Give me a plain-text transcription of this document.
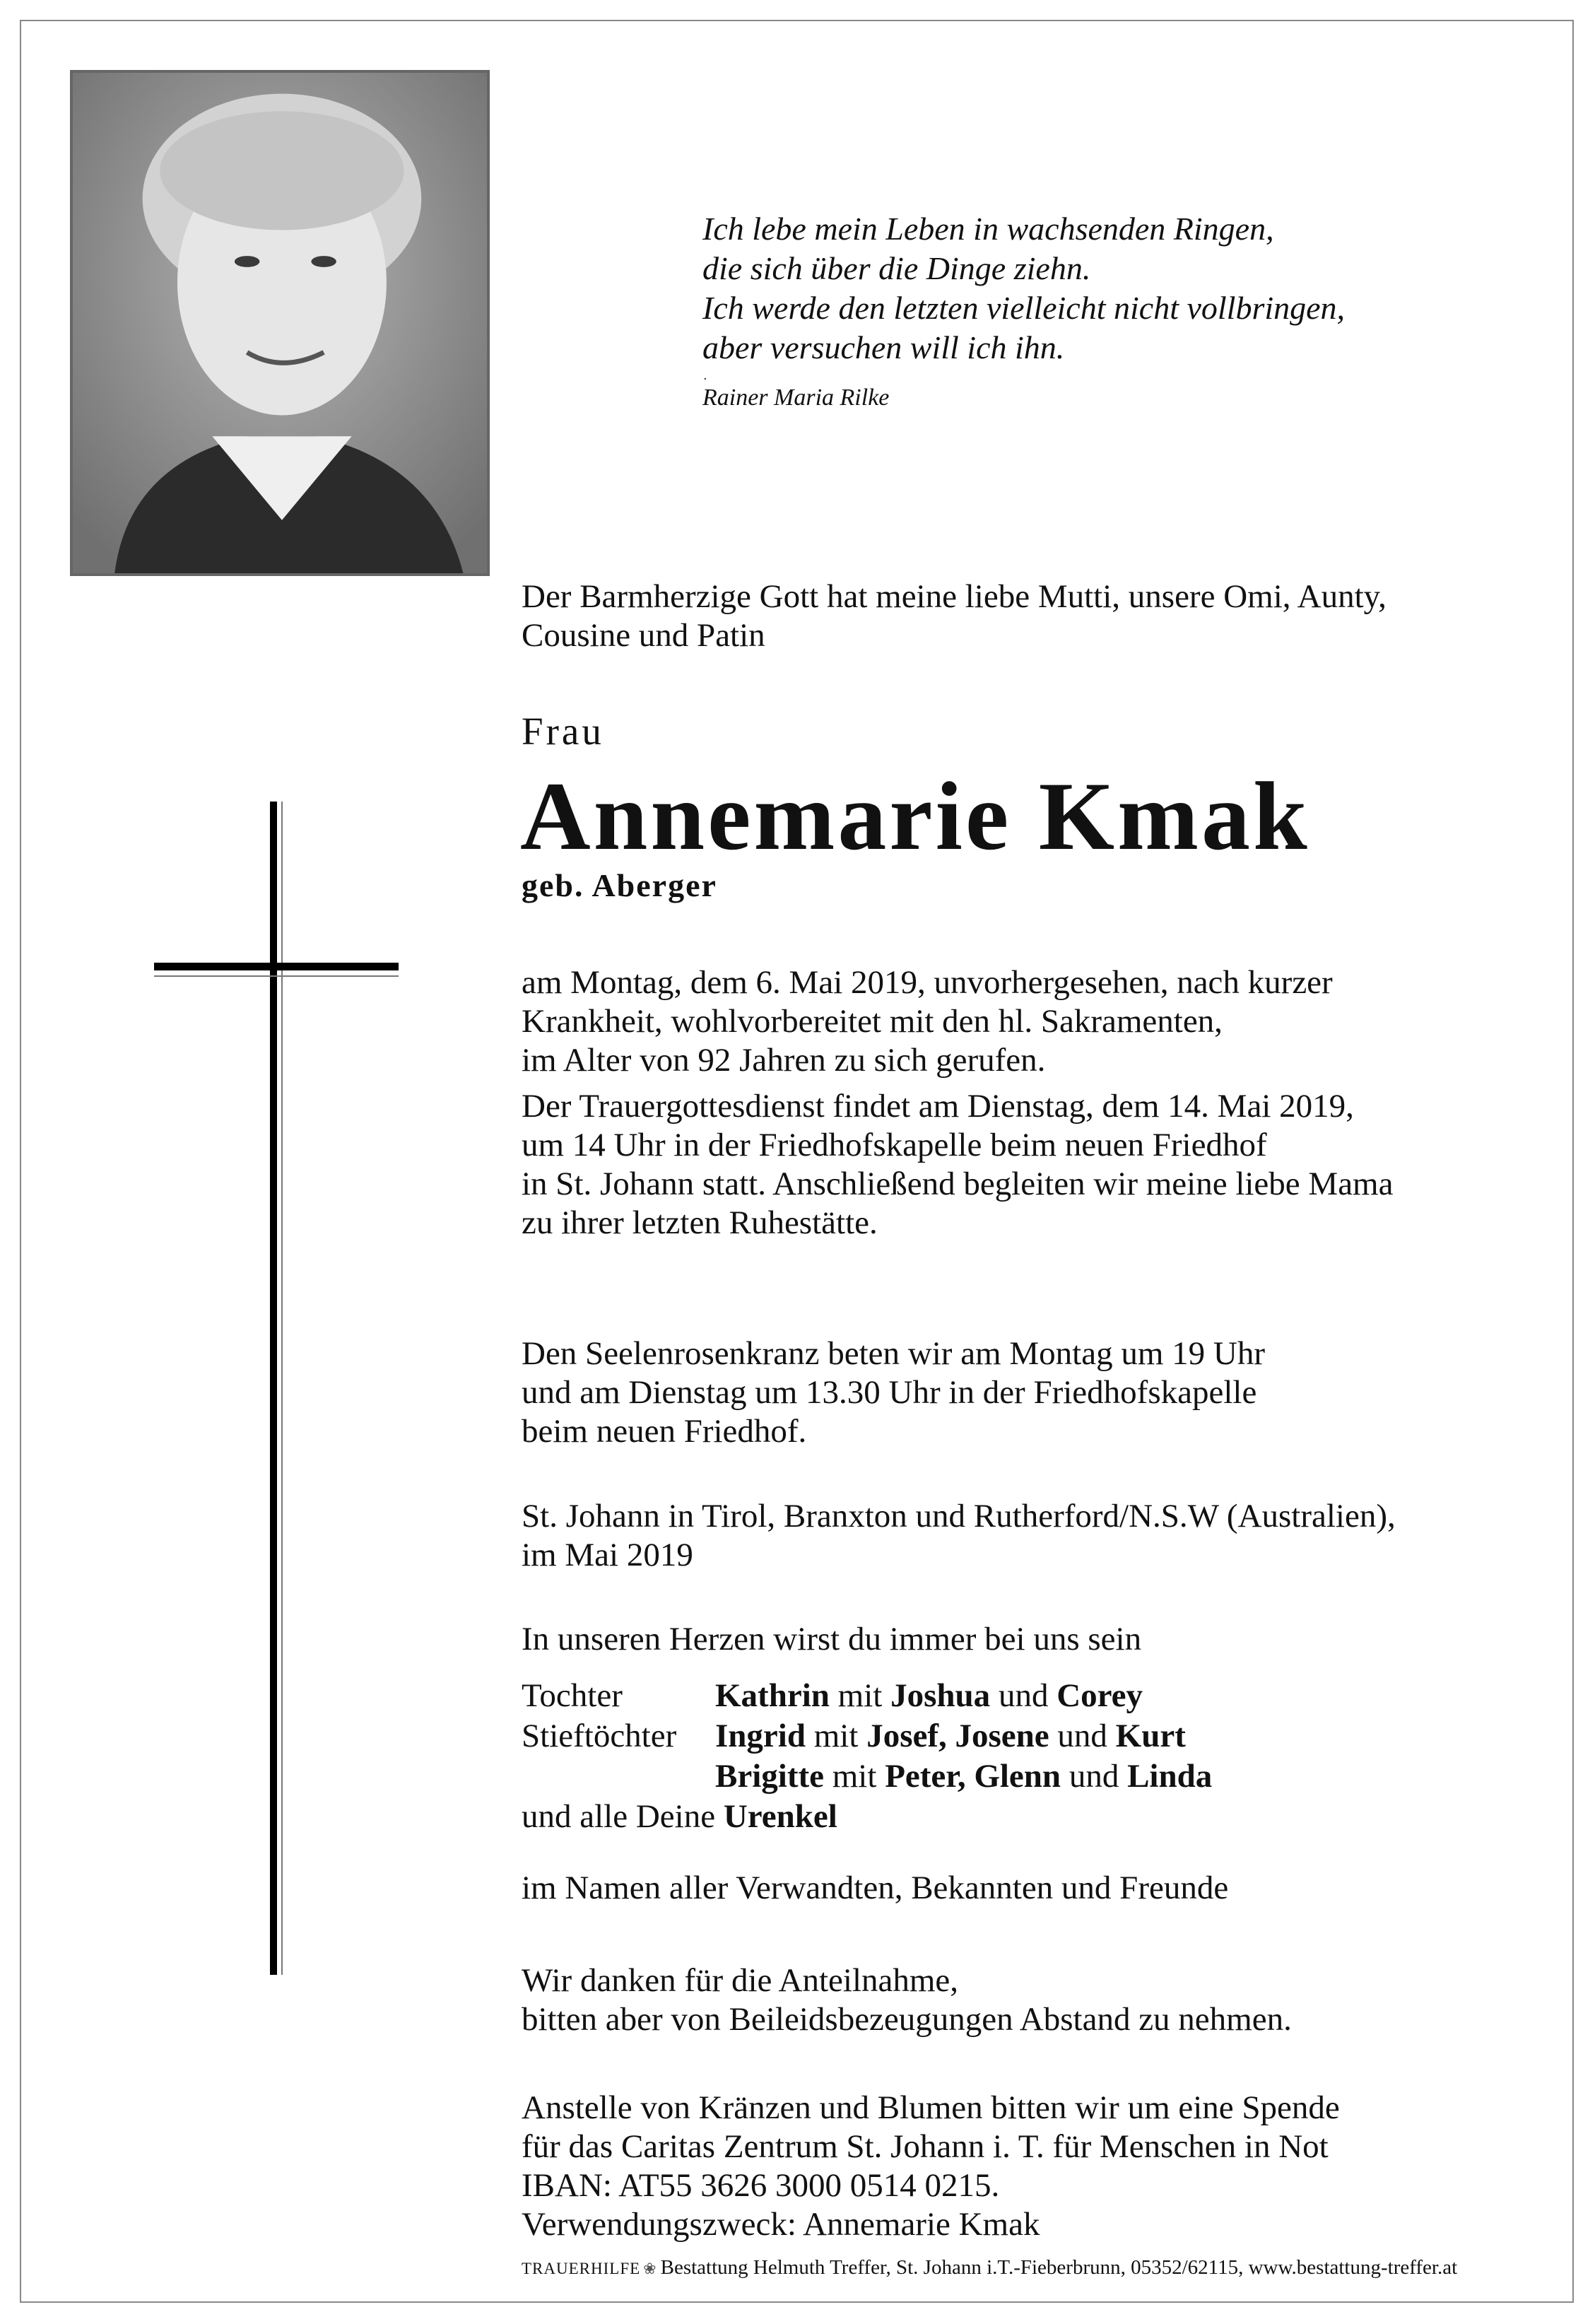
Ich lebe mein Leben in wachsenden Ringen,
die sich über die Dinge ziehn.
Ich werde den letzten vielleicht nicht vollbringen,
aber versuchen will ich ihn.
.
Rainer Maria Rilke
Der Barmherzige Gott hat meine liebe Mutti, unsere Omi, Aunty,
Cousine und Patin
Frau
Annemarie Kmak
geb. Aberger
am Montag, dem 6. Mai 2019, unvorhergesehen, nach kurzer
Krankheit, wohlvorbereitet mit den hl. Sakramenten,
im Alter von 92 Jahren zu sich gerufen.
Der Trauergottesdienst findet am Dienstag, dem 14. Mai 2019,
um 14 Uhr in der Friedhofskapelle beim neuen Friedhof
in St. Johann statt. Anschließend begleiten wir meine liebe Mama
zu ihrer letzten Ruhestätte.
Den Seelenrosenkranz beten wir am Montag um 19 Uhr
und am Dienstag um 13.30 Uhr in der Friedhofskapelle
beim neuen Friedhof.
St. Johann in Tirol, Branxton und Rutherford/N.S.W (Australien),
im Mai 2019
In unseren Herzen wirst du immer bei uns sein
Tochter	Kathrin mit Joshua und Corey
Stieftöchter	Ingrid mit Josef, Josene und Kurt
	Brigitte mit Peter, Glenn und Linda
und alle Deine Urenkel
im Namen aller Verwandten, Bekannten und Freunde
Wir danken für die Anteilnahme,
bitten aber von Beileidsbezeugungen Abstand zu nehmen.
Anstelle von Kränzen und Blumen bitten wir um eine Spende
für das Caritas Zentrum St. Johann i. T. für Menschen in Not
IBAN: AT55 3626 3000 0514 0215.
Verwendungszweck: Annemarie Kmak
TRAUERHILFE ❀ Bestattung Helmuth Treffer, St. Johann i.T.-Fieberbrunn, 05352/62115, www.bestattung-treffer.at
